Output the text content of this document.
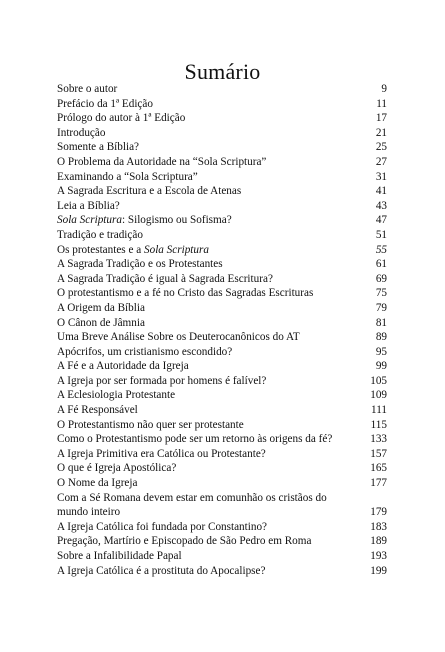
Sumário
Sobre o autor	9
Prefácio da 1ª Edição	11
Prólogo do autor à 1ª Edição	17
Introdução	21
Somente a Bíblia?	25
O Problema da Autoridade na “Sola Scriptura”	27
Examinando a “Sola Scriptura”	31
A Sagrada Escritura e a Escola de Atenas	41
Leia a Bíblia?	43
Sola Scriptura: Silogismo ou Sofisma?	47
Tradição e tradição	51
Os protestantes e a Sola Scriptura	55
A Sagrada Tradição e os Protestantes	61
A Sagrada Tradição é igual à Sagrada Escritura?	69
O protestantismo e a fé no Cristo das Sagradas Escrituras	75
A Origem da Bíblia	79
O Cânon de Jâmnia	81
Uma Breve Análise Sobre os Deuterocanônicos do AT	89
Apócrifos, um cristianismo escondido?	95
A Fé e a Autoridade da Igreja	99
A Igreja por ser formada por homens é falível?	105
A Eclesiologia Protestante	109
A Fé Responsável	111
O Protestantismo não quer ser protestante	115
Como o Protestantismo pode ser um retorno às origens da fé?	133
A Igreja Primitiva era Católica ou Protestante?	157
O que é Igreja Apostólica?	165
O Nome da Igreja	177
Com a Sé Romana devem estar em comunhão os cristãos do mundo inteiro	179
A Igreja Católica foi fundada por Constantino?	183
Pregação, Martírio e Episcopado de São Pedro em Roma	189
Sobre a Infalibilidade Papal	193
A Igreja Católica é a prostituta do Apocalipse?	199
